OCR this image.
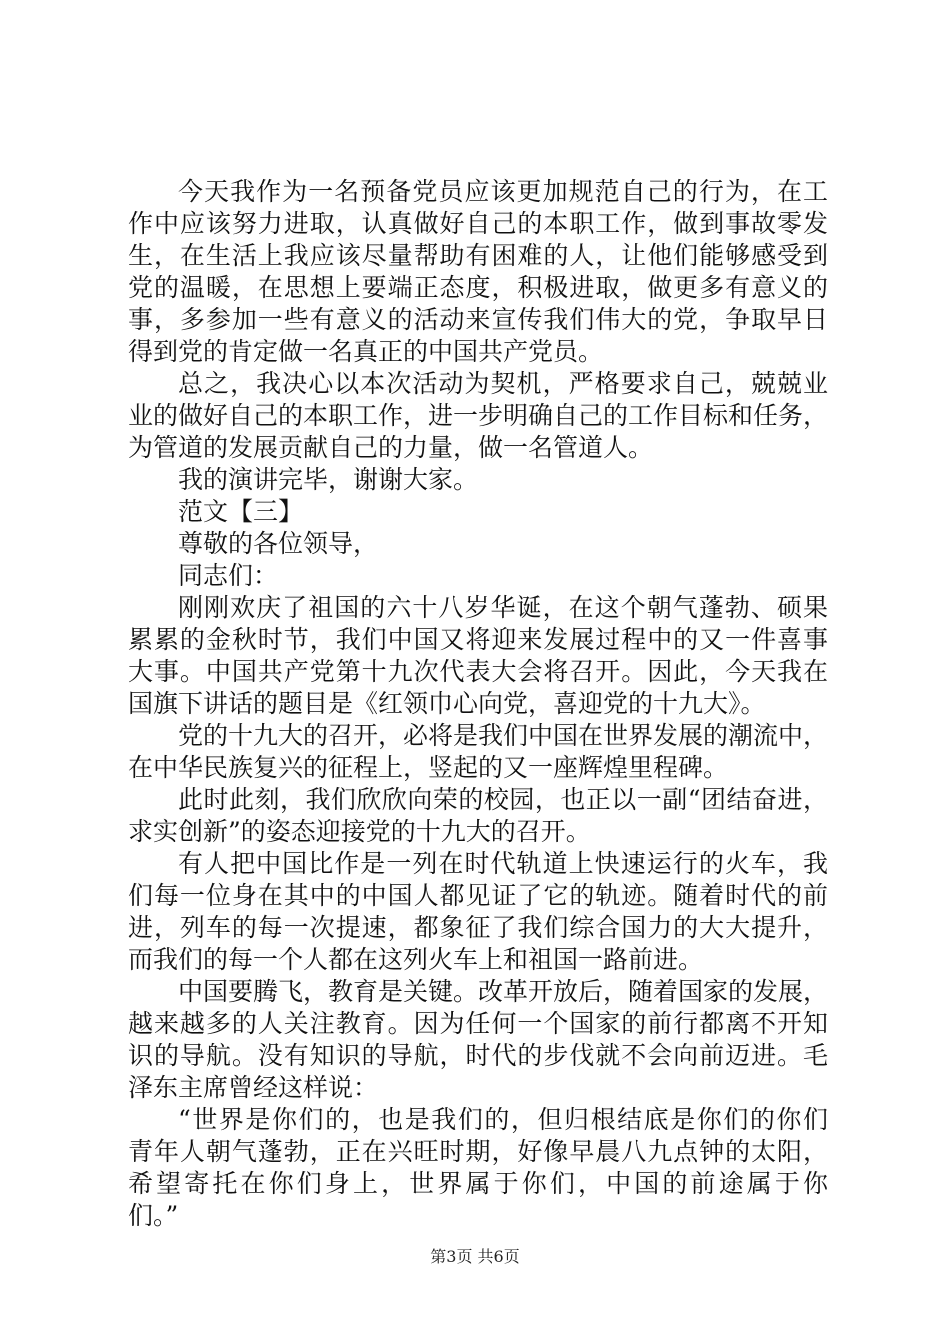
今天我作为一名预备党员应该更加规范自己的行为，在工
作中应该努力进取，认真做好自己的本职工作，做到事故零发
生，在生活上我应该尽量帮助有困难的人，让他们能够感受到
党的温暖，在思想上要端正态度，积极进取，做更多有意义的
事，多参加一些有意义的活动来宣传我们伟大的党，争取早日
得到党的肯定做一名真正的中国共产党员。
总之，我决心以本次活动为契机，严格要求自己，兢兢业
业的做好自己的本职工作，进一步明确自己的工作目标和任务，
为管道的发展贡献自己的力量，做一名管道人。
我的演讲完毕，谢谢大家。
范文【三】
尊敬的各位领导，
同志们：
刚刚欢庆了祖国的六十八岁华诞，在这个朝气蓬勃、硕果
累累的金秋时节，我们中国又将迎来发展过程中的又一件喜事
大事。中国共产党第十九次代表大会将召开。因此，今天我在
国旗下讲话的题目是《红领巾心向党，喜迎党的十九大》。
党的十九大的召开，必将是我们中国在世界发展的潮流中，
在中华民族复兴的征程上，竖起的又一座辉煌里程碑。
此时此刻，我们欣欣向荣的校园，也正以一副“团结奋进，
求实创新”的姿态迎接党的十九大的召开。
有人把中国比作是一列在时代轨道上快速运行的火车，我
们每一位身在其中的中国人都见证了它的轨迹。随着时代的前
进，列车的每一次提速，都象征了我们综合国力的大大提升，
而我们的每一个人都在这列火车上和祖国一路前进。
中国要腾飞，教育是关键。改革开放后，随着国家的发展，
越来越多的人关注教育。因为任何一个国家的前行都离不开知
识的导航。没有知识的导航，时代的步伐就不会向前迈进。毛
泽东主席曾经这样说：
“世界是你们的，也是我们的，但归根结底是你们的你们
青年人朝气蓬勃，正在兴旺时期，好像早晨八九点钟的太阳，
希望寄托在你们身上，世界属于你们，中国的前途属于你
们。”
第3页 共6页
